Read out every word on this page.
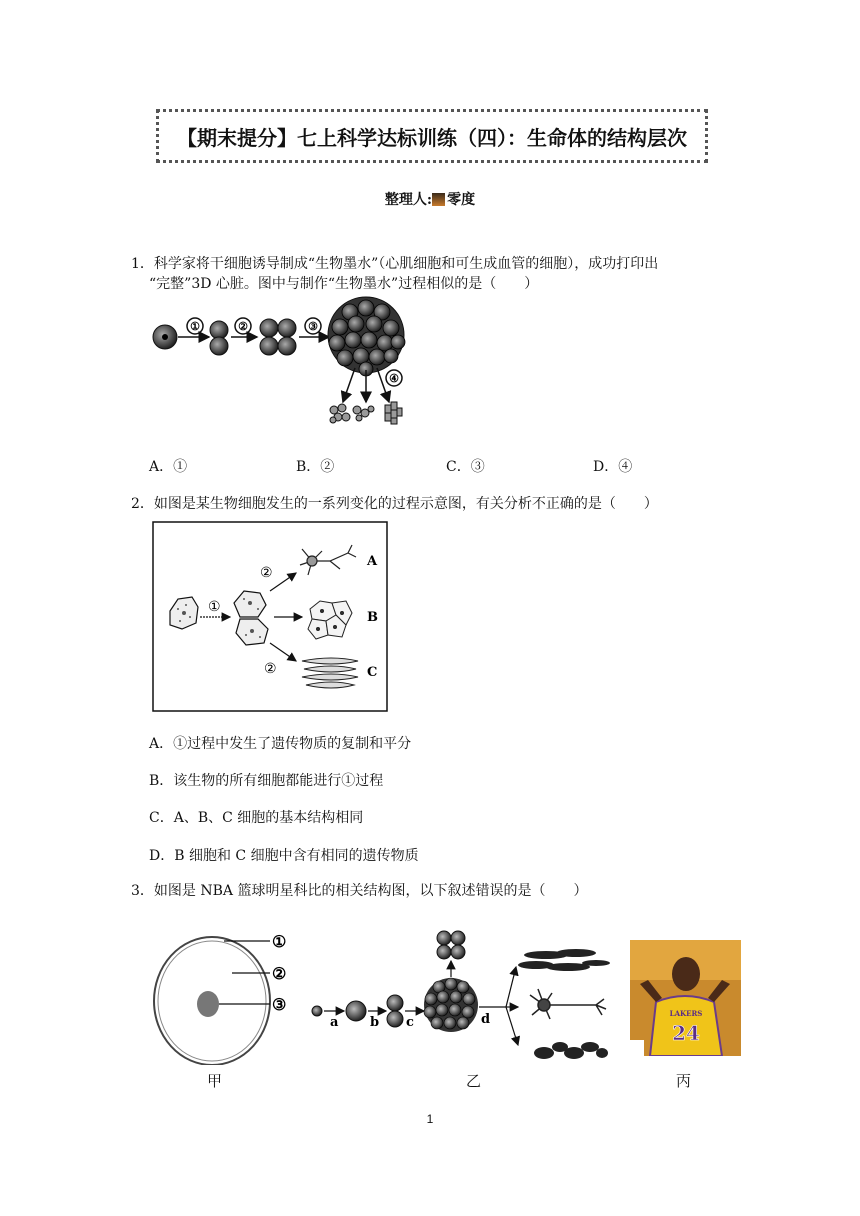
【期末提分】七上科学达标训练（四）：生命体的结构层次
整理人: 零度
1．科学家将干细胞诱导制成“生物墨水”（心肌细胞和可生成血管的细胞），成功打印出
“完整”3D 心脏。图中与制作“生物墨水”过程相似的是（　　）
①	②	③
④
A．①	B．②	C．③	D．④
2．如图是某生物细胞发生的一系列变化的过程示意图，有关分析不正确的是（　　）
①
②
②
A
B
C
A．①过程中发生了遗传物质的复制和平分
B．该生物的所有细胞都能进行①过程
C．A、B、C 细胞的基本结构相同
D．B 细胞和 C 细胞中含有相同的遗传物质
3．如图是 NBA 篮球明星科比的相关结构图，以下叙述错误的是（　　）
①
②
③
a b c	d	LAKERS
24
甲	乙	丙
1
